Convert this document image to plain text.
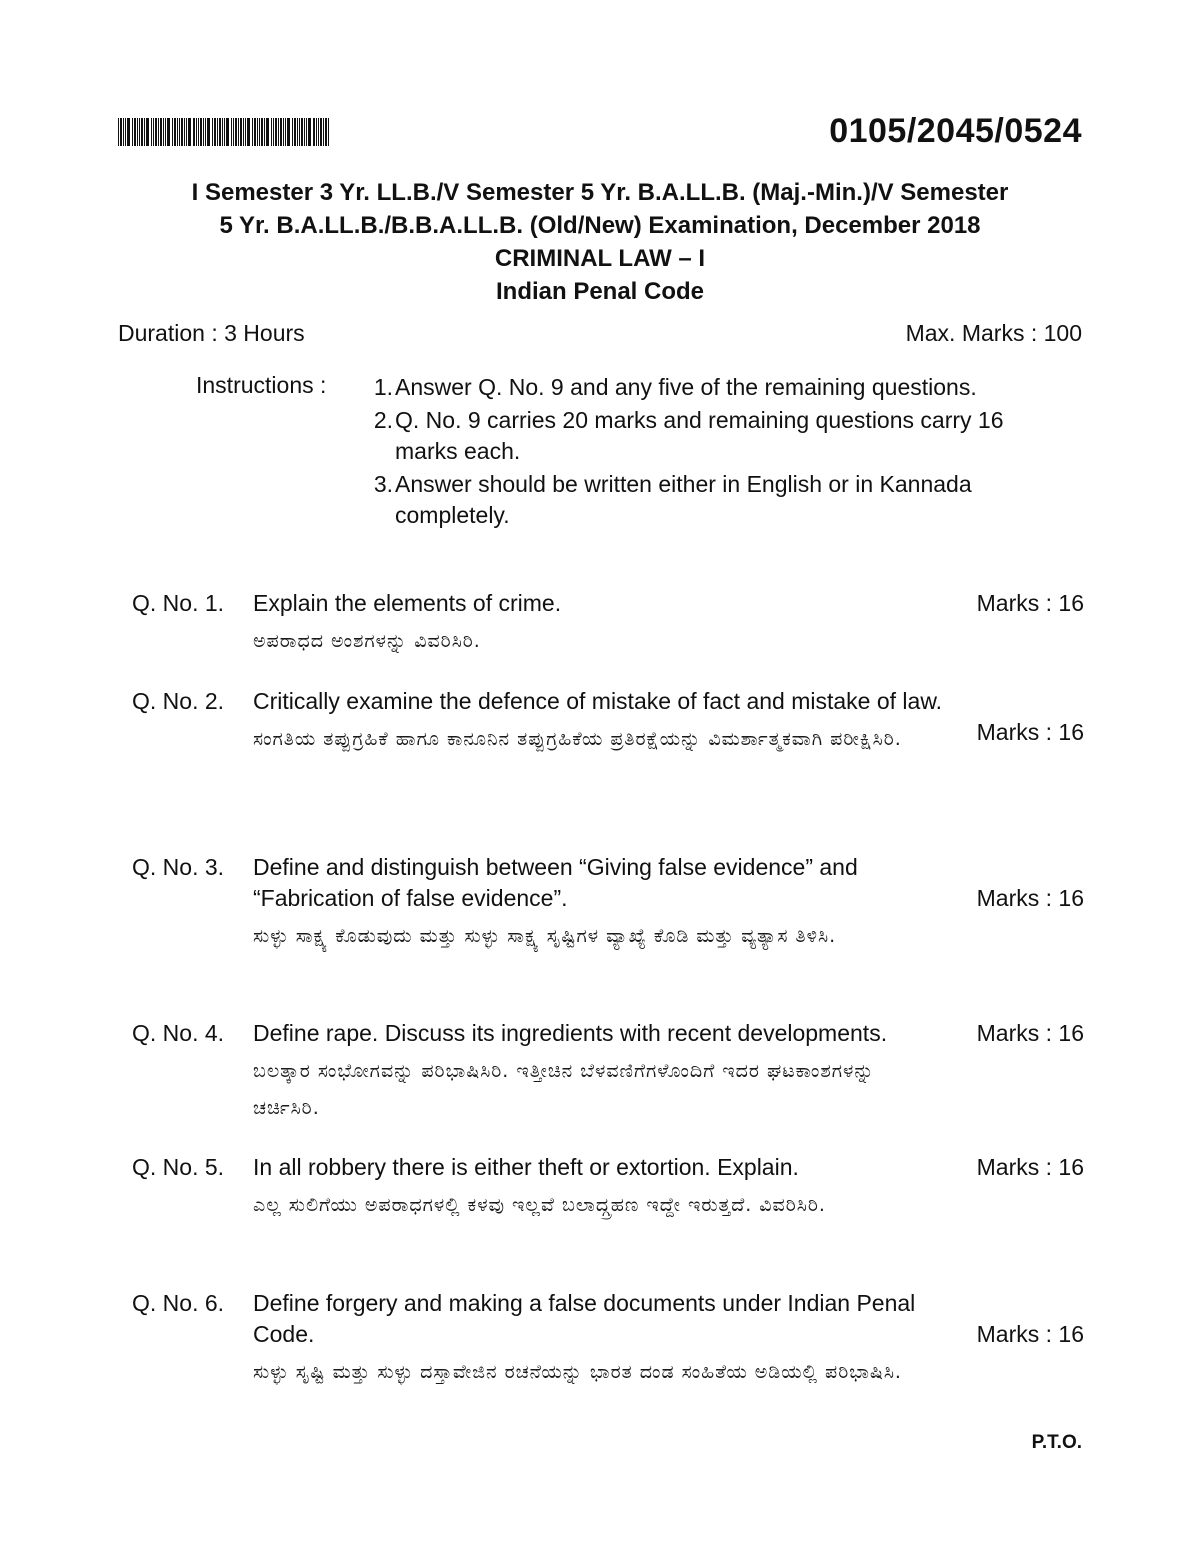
0105/2045/0524
I Semester 3 Yr. LL.B./V Semester 5 Yr. B.A.LL.B. (Maj.-Min.)/V Semester
5 Yr. B.A.LL.B./B.B.A.LL.B. (Old/New) Examination, December 2018
CRIMINAL LAW – I
Indian Penal Code
Duration : 3 Hours	Max. Marks : 100
Instructions :	1. Answer Q. No. 9 and any five of the remaining questions.
2. Q. No. 9 carries 20 marks and remaining questions carry 16 marks each.
3. Answer should be written either in English or in Kannada completely.
Q. No. 1. Explain the elements of crime.
ಅಪರಾಧದ ಅಂಶಗಳನ್ನು ವಿವರಿಸಿರಿ.
Marks : 16
Q. No. 2. Critically examine the defence of mistake of fact and mistake of law.
ಸಂಗತಿಯ ತಪ್ಪುಗ್ರಹಿಕೆ ಹಾಗೂ ಕಾನೂನಿನ ತಪ್ಪುಗ್ರಹಿಕೆಯ ಪ್ರತಿರಕ್ಷೆಯನ್ನು ವಿಮರ್ಶಾತ್ಮಕವಾಗಿ ಪರೀಕ್ಷಿಸಿರಿ.	Marks : 16
Q. No. 3. Define and distinguish between “Giving false evidence” and “Fabrication of false evidence”.
ಸುಳ್ಳು ಸಾಕ್ಷ್ಯ ಕೊಡುವುದು ಮತ್ತು ಸುಳ್ಳು ಸಾಕ್ಷ್ಯ ಸೃಷ್ಟಿಗಳ ವ್ಯಾಖ್ಯೆ ಕೊಡಿ ಮತ್ತು ವ್ಯತ್ಯಾಸ ತಿಳಿಸಿ.
Marks : 16
Q. No. 4. Define rape. Discuss its ingredients with recent developments.
ಬಲತ್ಕಾರ ಸಂಭೋಗವನ್ನು ಪರಿಭಾಷಿಸಿರಿ. ಇತ್ತೀಚಿನ ಬೆಳವಣಿಗೆಗಳೊಂದಿಗೆ ಇದರ ಘಟಕಾಂಶಗಳನ್ನು ಚರ್ಚಿಸಿರಿ.
Marks : 16
Q. No. 5. In all robbery there is either theft or extortion. Explain.
ಎಲ್ಲ ಸುಲಿಗೆಯು ಅಪರಾಧಗಳಲ್ಲಿ ಕಳವು ಇಲ್ಲವೆ ಬಲಾದ್ಗ್ರಹಣ ಇದ್ದೇ ಇರುತ್ತದೆ. ವಿವರಿಸಿರಿ.
Marks : 16
Q. No. 6. Define forgery and making a false documents under Indian Penal Code.
ಸುಳ್ಳು ಸೃಷ್ಟಿ ಮತ್ತು ಸುಳ್ಳು ದಸ್ತಾವೇಜಿನ ರಚನೆಯನ್ನು ಭಾರತ ದಂಡ ಸಂಹಿತೆಯ ಅಡಿಯಲ್ಲಿ ಪರಿಭಾಷಿಸಿ.
Marks : 16
P.T.O.
